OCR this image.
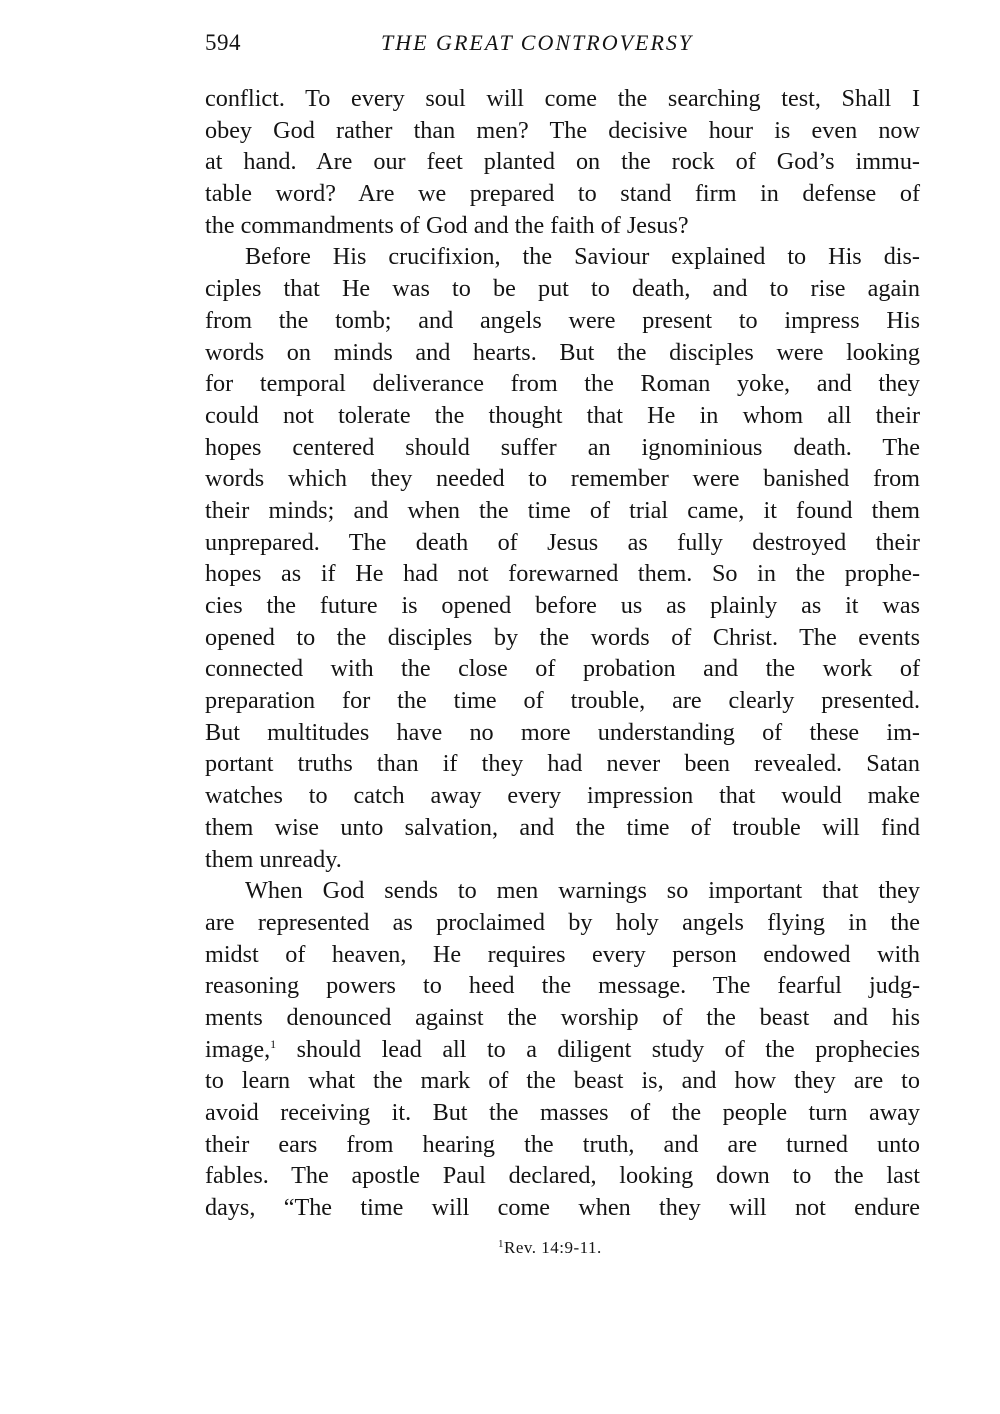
594	THE GREAT CONTROVERSY
conflict. To every soul will come the searching test, Shall I
obey God rather than men? The decisive hour is even now
at hand. Are our feet planted on the rock of God’s immu-
table word? Are we prepared to stand firm in defense of
the commandments of God and the faith of Jesus?
Before His crucifixion, the Saviour explained to His dis-
ciples that He was to be put to death, and to rise again
from the tomb; and angels were present to impress His
words on minds and hearts. But the disciples were looking
for temporal deliverance from the Roman yoke, and they
could not tolerate the thought that He in whom all their
hopes centered should suffer an ignominious death. The
words which they needed to remember were banished from
their minds; and when the time of trial came, it found them
unprepared. The death of Jesus as fully destroyed their
hopes as if He had not forewarned them. So in the prophe-
cies the future is opened before us as plainly as it was
opened to the disciples by the words of Christ. The events
connected with the close of probation and the work of
preparation for the time of trouble, are clearly presented.
But multitudes have no more understanding of these im-
portant truths than if they had never been revealed. Satan
watches to catch away every impression that would make
them wise unto salvation, and the time of trouble will find
them unready.
When God sends to men warnings so important that they
are represented as proclaimed by holy angels flying in the
midst of heaven, He requires every person endowed with
reasoning powers to heed the message. The fearful judg-
ments denounced against the worship of the beast and his
image,$^1$ should lead all to a diligent study of the prophecies
to learn what the mark of the beast is, and how they are to
avoid receiving it. But the masses of the people turn away
their ears from hearing the truth, and are turned unto
fables. The apostle Paul declared, looking down to the last
days, “The time will come when they will not endure
$^1$Rev. 14:9-11.
